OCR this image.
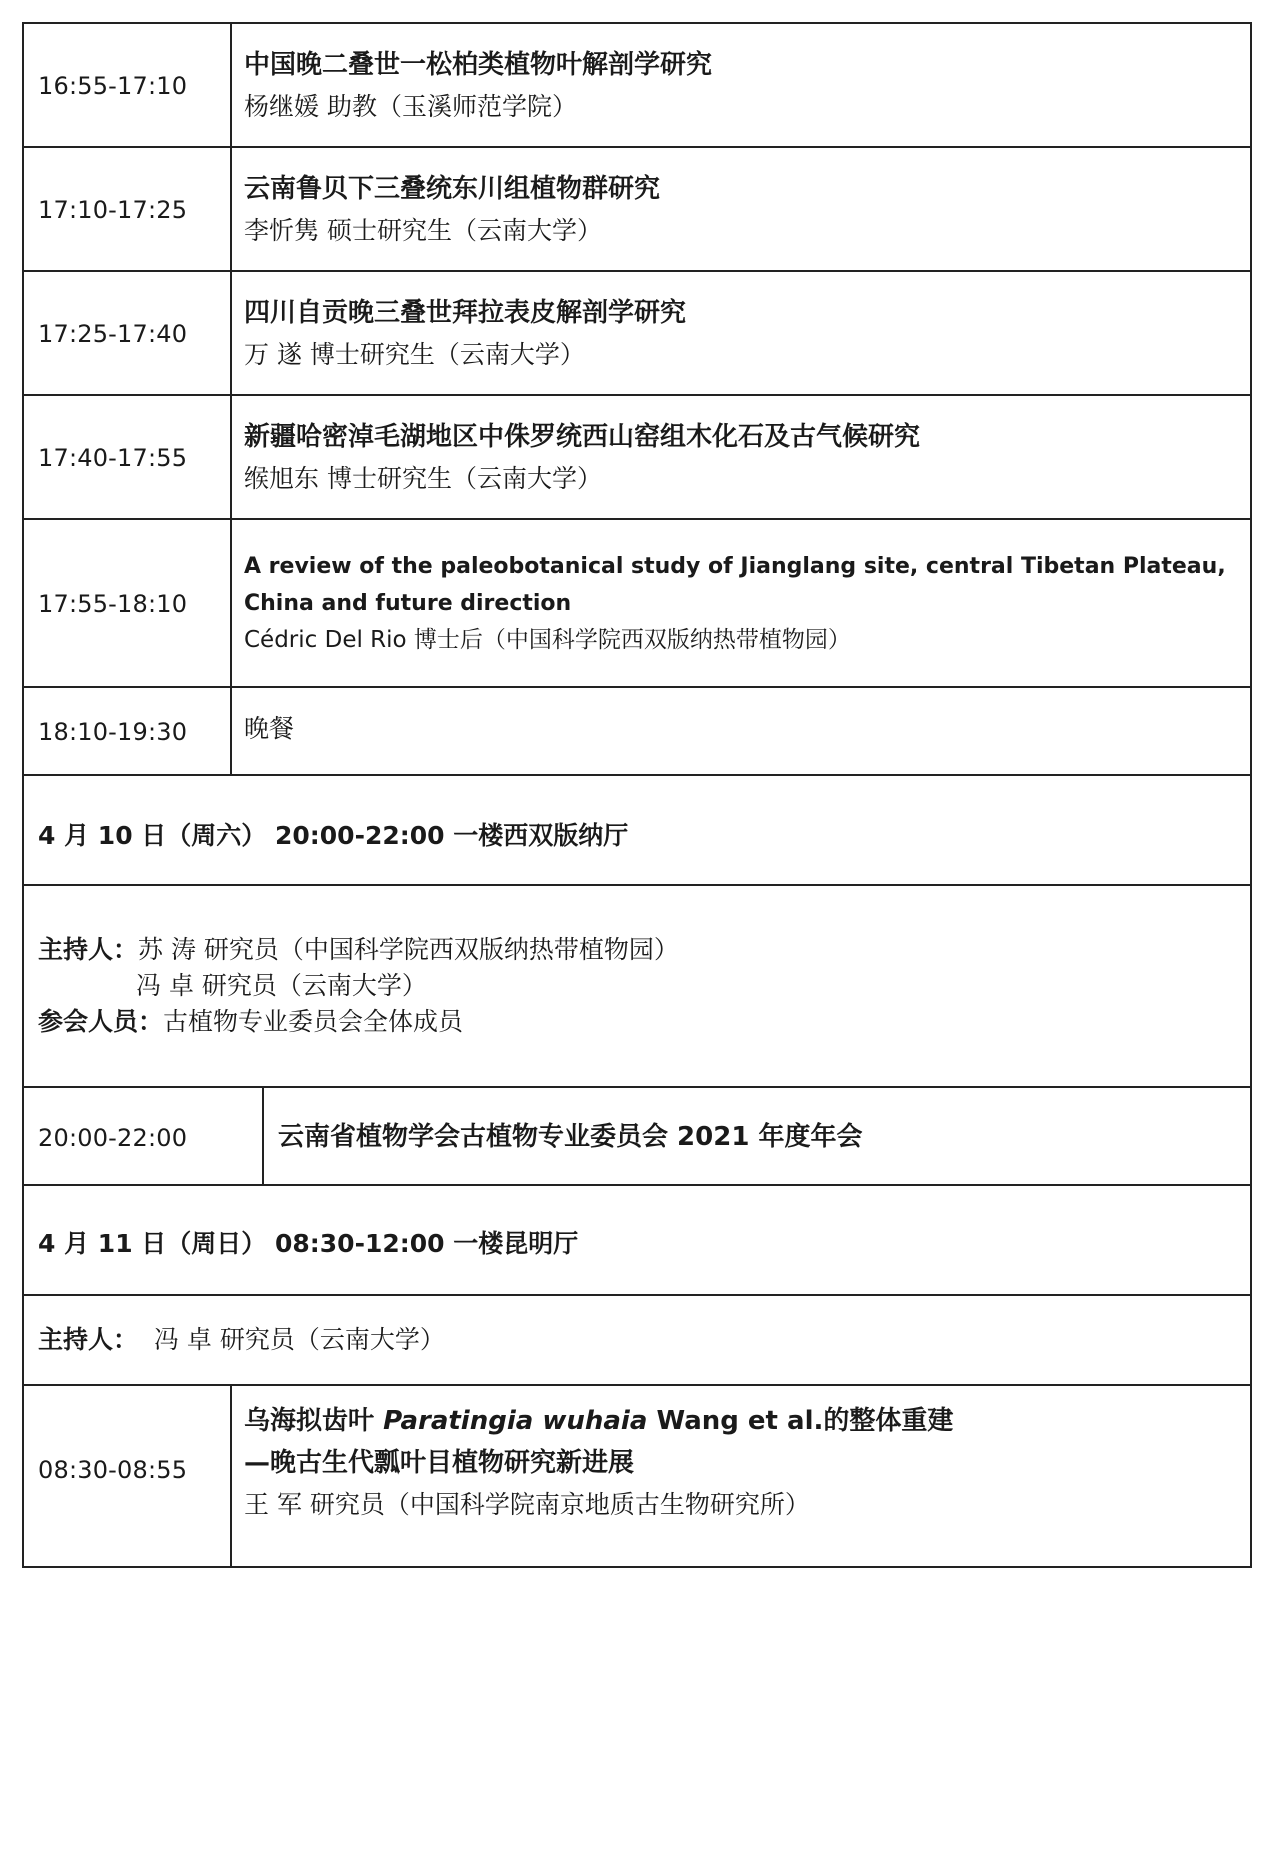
16:55-17:10
中国晚二叠世一松柏类植物叶解剖学研究
杨继媛 助教（玉溪师范学院）
17:10-17:25
云南鲁贝下三叠统东川组植物群研究
李忻隽 硕士研究生（云南大学）
17:25-17:40
四川自贡晚三叠世拜拉表皮解剖学研究
万 遂 博士研究生（云南大学）
17:40-17:55
新疆哈密淖毛湖地区中侏罗统西山窑组木化石及古气候研究
缑旭东 博士研究生（云南大学）
17:55-18:10
A review of the paleobotanical study of Jianglang site, central Tibetan Plateau,
China and future direction
Cédric Del Rio 博士后（中国科学院西双版纳热带植物园）
18:10-19:30 晚餐
4 月 10 日（周六） 20:00-22:00 一楼西双版纳厅
主持人：苏 涛 研究员（中国科学院西双版纳热带植物园）
冯 卓 研究员（云南大学）
参会人员：古植物专业委员会全体成员
20:00-22:00	云南省植物学会古植物专业委员会 2021 年度年会
4 月 11 日（周日） 08:30-12:00 一楼昆明厅
主持人： 冯 卓 研究员（云南大学）
08:30-08:55
乌海拟齿叶 Paratingia wuhaia Wang et al.的整体重建
—晚古生代瓢叶目植物研究新进展
王 军 研究员（中国科学院南京地质古生物研究所）
